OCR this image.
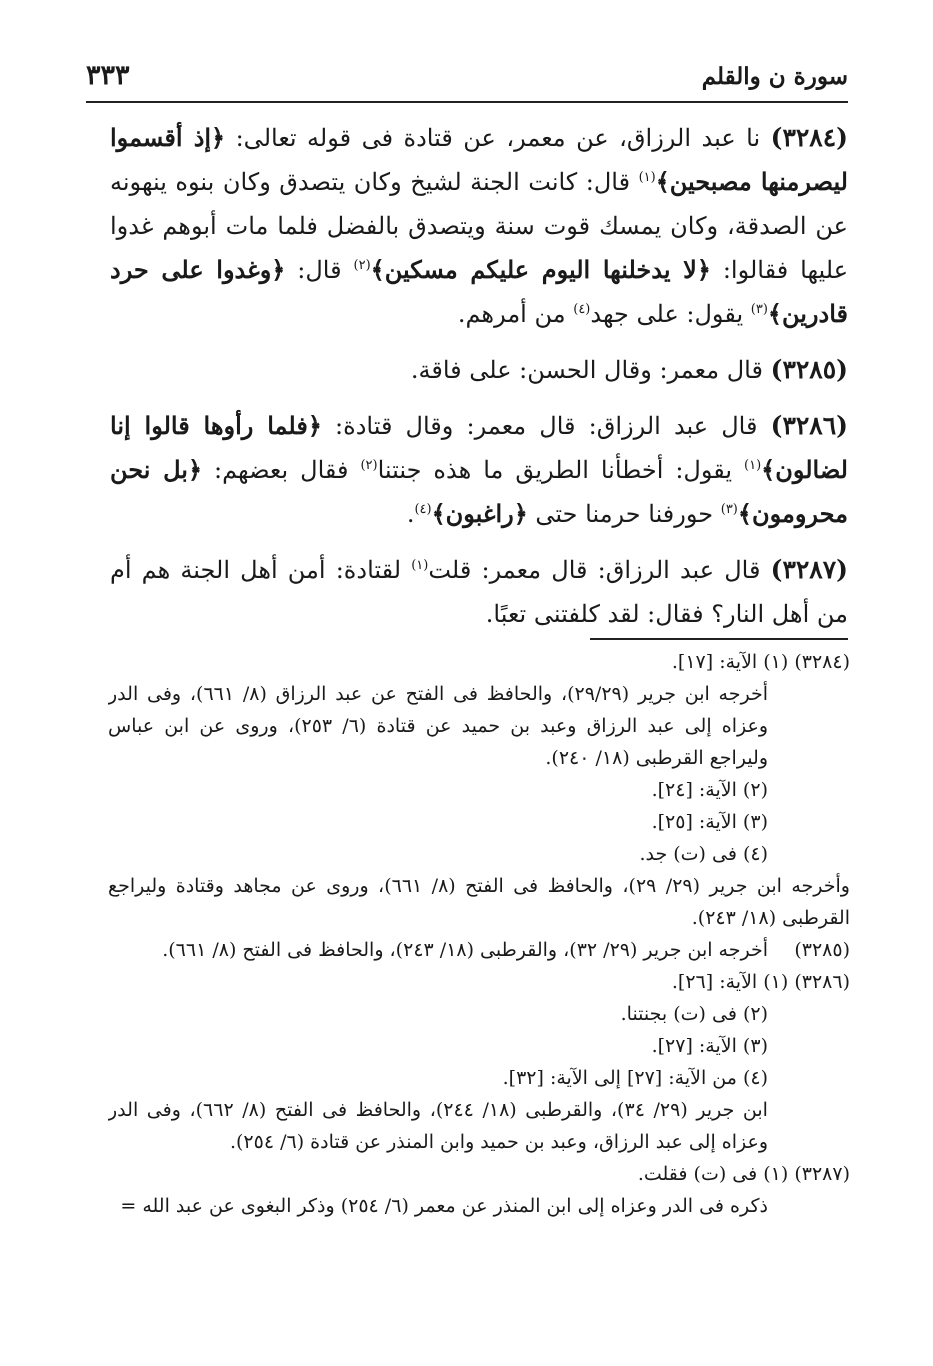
سورة ن والقلم
٣٣٣

(٣٢٨٤) نا عبد الرزاق، عن معمر، عن قتادة فى قوله تعالى: ﴿إذ أقسموا ليصرمنها مصبحين﴾$^{(١)}$ قال: كانت الجنة لشيخ وكان يتصدق وكان بنوه ينهونه عن الصدقة، وكان يمسك قوت سنة ويتصدق بالفضل فلما مات أبوهم غدوا عليها فقالوا: ﴿لا يدخلنها اليوم عليكم مسكين﴾$^{(٢)}$ قال: ﴿وغدوا على حرد قادرين﴾$^{(٣)}$ يقول: على جهد$^{(٤)}$ من أمرهم.

(٣٢٨٥) قال معمر: وقال الحسن: على فاقة.

(٣٢٨٦) قال عبد الرزاق: قال معمر: وقال قتادة: ﴿فلما رأوها قالوا إنا لضالون﴾$^{(١)}$ يقول: أخطأنا الطريق ما هذه جنتنا$^{(٢)}$ فقال بعضهم: ﴿بل نحن محرومون﴾$^{(٣)}$ حورفنا حرمنا حتى ﴿راغبون﴾$^{(٤)}$.

(٣٢٨٧) قال عبد الرزاق: قال معمر: قلت$^{(١)}$ لقتادة: أمن أهل الجنة هم أم من أهل النار؟ فقال: لقد كلفتنى تعبًا.

(٣٢٨٤) (١) الآية: [١٧].
أخرجه ابن جرير (٢٩/٢٩)، والحافظ فى الفتح عن عبد الرزاق (٨/ ٦٦١)، وفى الدر وعزاه إلى عبد الرزاق وعبد بن حميد عن قتادة (٦/ ٢٥٣)، وروى عن ابن عباس وليراجع القرطبى (١٨/ ٢٤٠).
(٢) الآية: [٢٤].
(٣) الآية: [٢٥].
(٤) فى (ت) جد.
وأخرجه ابن جرير (٢٩/ ٢٩)، والحافظ فى الفتح (٨/ ٦٦١)، وروى عن مجاهد وقتادة وليراجع القرطبى (١٨/ ٢٤٣).
(٣٢٨٥)
أخرجه ابن جرير (٢٩/ ٣٢)، والقرطبى (١٨/ ٢٤٣)، والحافظ فى الفتح (٨/ ٦٦١).
(٣٢٨٦) (١) الآية: [٢٦].
(٢) فى (ت) بجنتنا.
(٣) الآية: [٢٧].
(٤) من الآية: [٢٧] إلى الآية: [٣٢].
ابن جرير (٢٩/ ٣٤)، والقرطبى (١٨/ ٢٤٤)، والحافظ فى الفتح (٨/ ٦٦٢)، وفى الدر وعزاه إلى عبد الرزاق، وعبد بن حميد وابن المنذر عن قتادة (٦/ ٢٥٤).
(٣٢٨٧) (١) فى (ت) فقلت.
ذكره فى الدر وعزاه إلى ابن المنذر عن معمر (٦/ ٢٥٤) وذكر البغوى عن عبد الله =
